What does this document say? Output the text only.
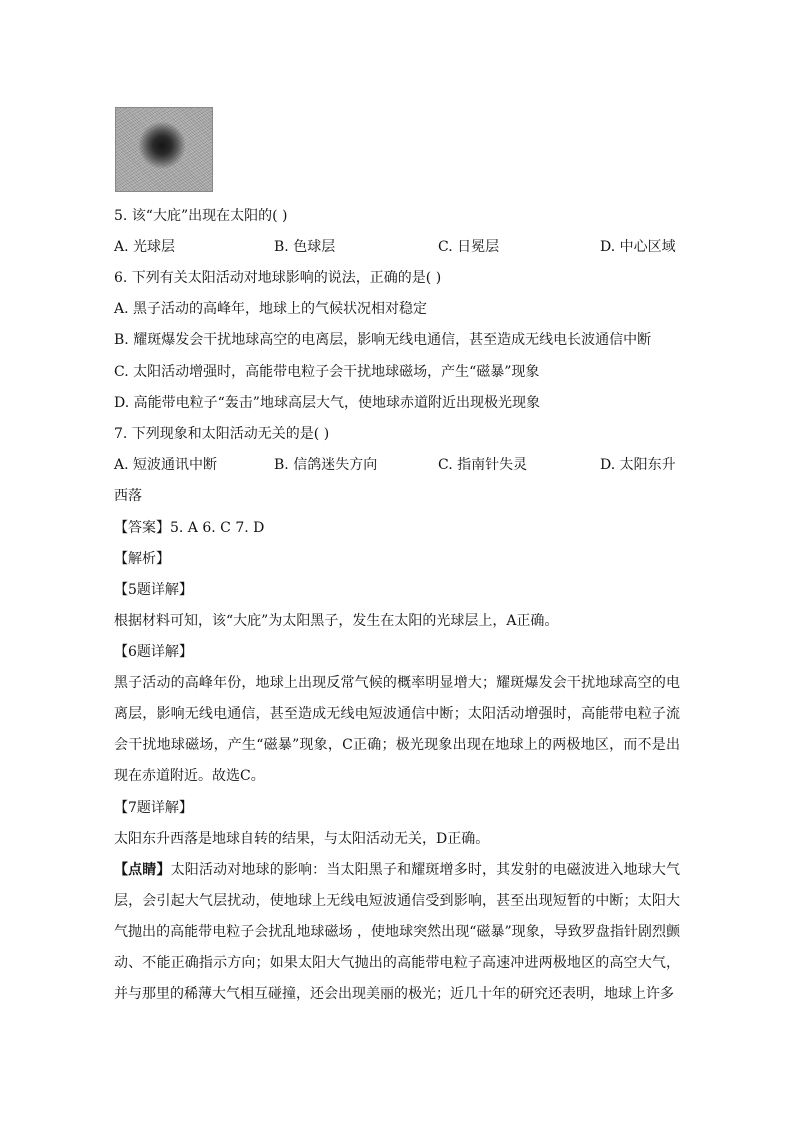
5. 该“大庇”出现在太阳的( )
A. 光球层	B. 色球层	C. 日冕层	D. 中心区域
6. 下列有关太阳活动对地球影响的说法，正确的是( )
A. 黑子活动的高峰年，地球上的气候状况相对稳定
B. 耀斑爆发会干扰地球高空的电离层，影响无线电通信，甚至造成无线电长波通信中断
C. 太阳活动增强时，高能带电粒子会干扰地球磁场，产生“磁暴”现象
D. 高能带电粒子“轰击”地球高层大气，使地球赤道附近出现极光现象
7. 下列现象和太阳活动无关的是( )
A. 短波通讯中断	B. 信鸽迷失方向	C. 指南针失灵	D. 太阳东升
西落
【答案】5. A 6. C 7. D
【解析】
【5题详解】
根据材料可知，该“大庇”为太阳黑子，发生在太阳的光球层上，A正确。
【6题详解】
黑子活动的高峰年份，地球上出现反常气候的概率明显增大；耀斑爆发会干扰地球高空的电离层，影响无线电通信，甚至造成无线电短波通信中断；太阳活动增强时，高能带电粒子流会干扰地球磁场，产生“磁暴”现象，C正确；极光现象出现在地球上的两极地区，而不是出现在赤道附近。故选C。
【7题详解】
太阳东升西落是地球自转的结果，与太阳活动无关，D正确。
【点睛】太阳活动对地球的影响：当太阳黑子和耀斑增多时，其发射的电磁波进入地球大气层，会引起大气层扰动，使地球上无线电短波通信受到影响，甚至出现短暂的中断；太阳大气抛出的高能带电粒子会扰乱地球磁场 ，使地球突然出现“磁暴”现象，导致罗盘指针剧烈颤动、不能正确指示方向；如果太阳大气抛出的高能带电粒子高速冲进两极地区的高空大气，并与那里的稀薄大气相互碰撞，还会出现美丽的极光；近几十年的研究还表明，地球上许多
